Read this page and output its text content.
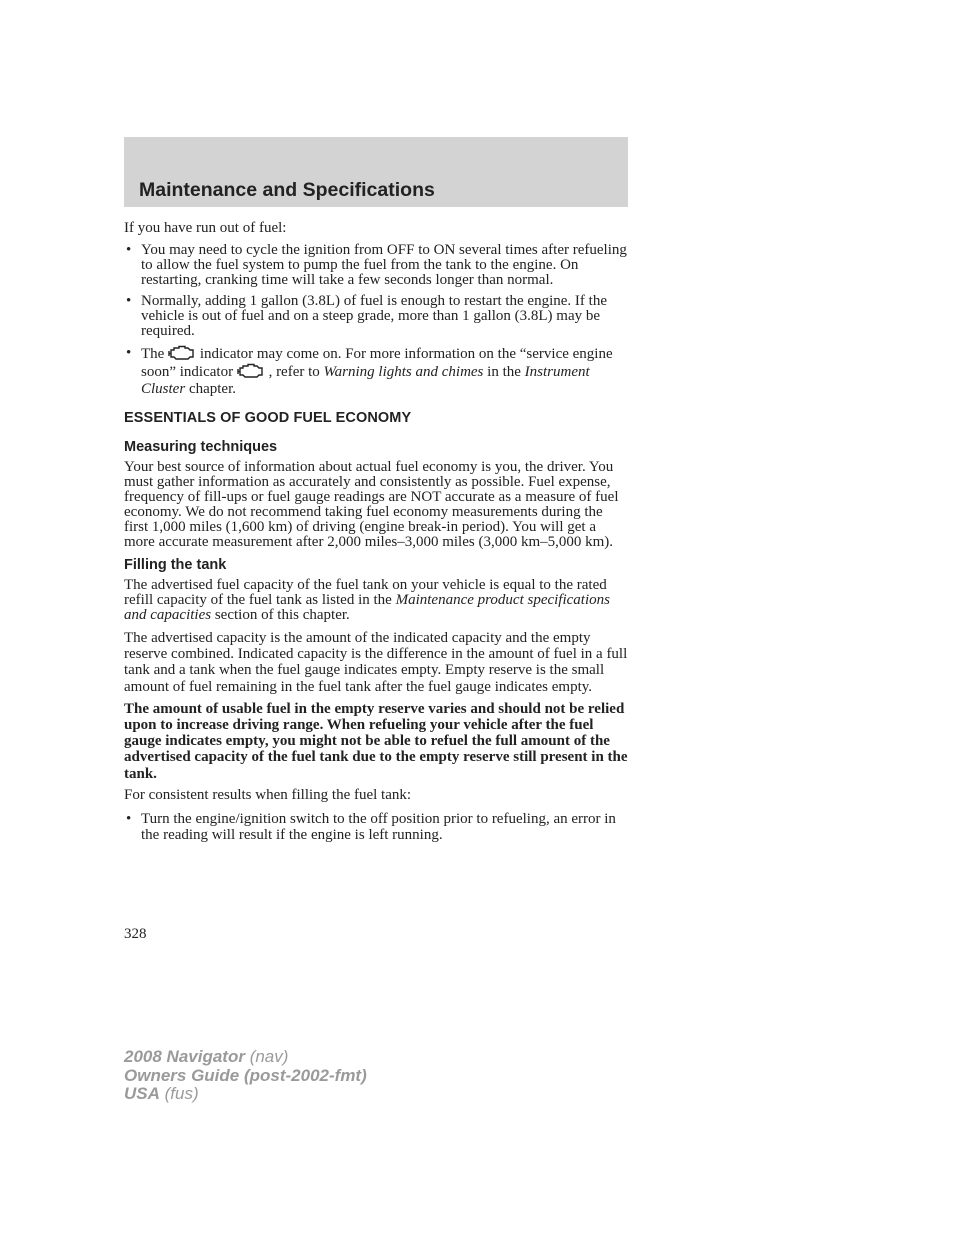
Maintenance and Specifications

If you have run out of fuel:

• You may need to cycle the ignition from OFF to ON several times after refueling to allow the fuel system to pump the fuel from the tank to the engine. On restarting, cranking time will take a few seconds longer than normal.
• Normally, adding 1 gallon (3.8L) of fuel is enough to restart the engine. If the vehicle is out of fuel and on a steep grade, more than 1 gallon (3.8L) may be required.
• The indicator may come on. For more information on the “service engine soon” indicator , refer to Warning lights and chimes in the Instrument Cluster chapter.

ESSENTIALS OF GOOD FUEL ECONOMY

Measuring techniques

Your best source of information about actual fuel economy is you, the driver. You must gather information as accurately and consistently as possible. Fuel expense, frequency of fill-ups or fuel gauge readings are NOT accurate as a measure of fuel economy. We do not recommend taking fuel economy measurements during the first 1,000 miles (1,600 km) of driving (engine break-in period). You will get a more accurate measurement after 2,000 miles–3,000 miles (3,000 km–5,000 km).

Filling the tank

The advertised fuel capacity of the fuel tank on your vehicle is equal to the rated refill capacity of the fuel tank as listed in the Maintenance product specifications and capacities section of this chapter.

The advertised capacity is the amount of the indicated capacity and the empty reserve combined. Indicated capacity is the difference in the amount of fuel in a full tank and a tank when the fuel gauge indicates empty. Empty reserve is the small amount of fuel remaining in the fuel tank after the fuel gauge indicates empty.

The amount of usable fuel in the empty reserve varies and should not be relied upon to increase driving range. When refueling your vehicle after the fuel gauge indicates empty, you might not be able to refuel the full amount of the advertised capacity of the fuel tank due to the empty reserve still present in the tank.

For consistent results when filling the fuel tank:

• Turn the engine/ignition switch to the off position prior to refueling, an error in the reading will result if the engine is left running.
328
2008 Navigator (nav)
Owners Guide (post-2002-fmt)
USA (fus)
